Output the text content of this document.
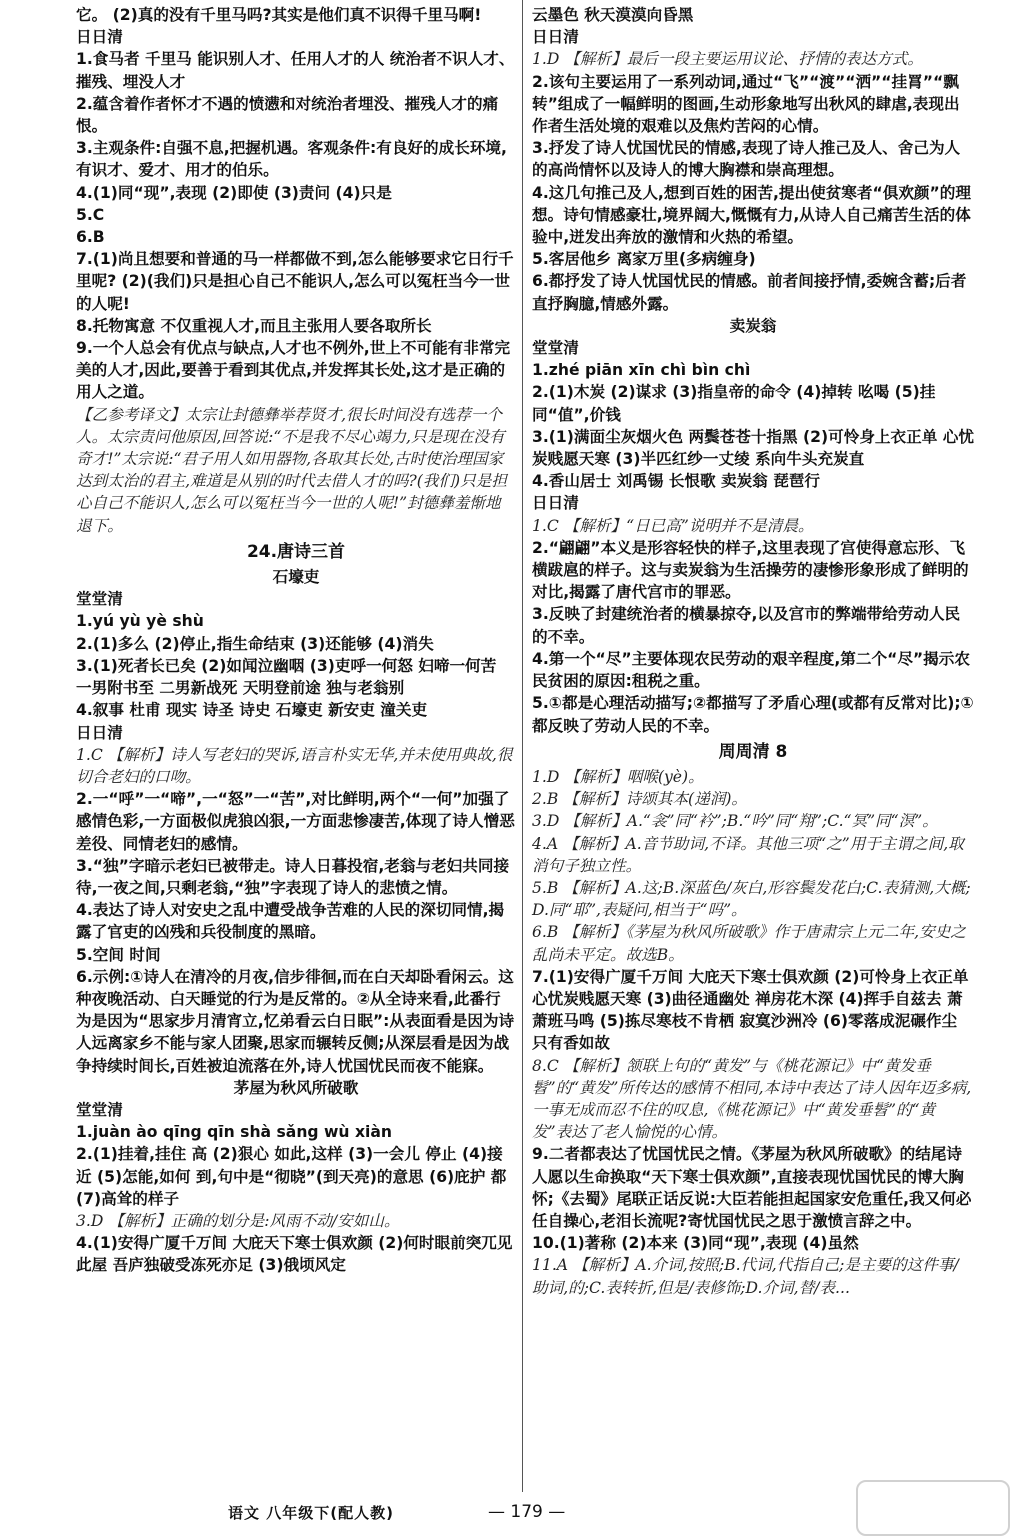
它。 (2)真的没有千里马吗?其实是他们真不识得千里马啊!

日日清

1.食马者 千里马 能识别人才、任用人才的人 统治者不识人才、摧残、埋没人才

2.蕴含着作者怀才不遇的愤懑和对统治者埋没、摧残人才的痛恨。

3.主观条件:自强不息,把握机遇。客观条件:有良好的成长环境,有识才、爱才、用才的伯乐。

4.(1)同“现”,表现 (2)即使 (3)责问 (4)只是

5.C

6.B

7.(1)尚且想要和普通的马一样都做不到,怎么能够要求它日行千里呢? (2)(我们)只是担心自己不能识人,怎么可以冤枉当今一世的人呢!

8.托物寓意 不仅重视人才,而且主张用人要各取所长

9.一个人总会有优点与缺点,人才也不例外,世上不可能有非常完美的人才,因此,要善于看到其优点,并发挥其长处,这才是正确的用人之道。

【乙参考译文】太宗让封德彝举荐贤才,很长时间没有选荐一个人。太宗责问他原因,回答说:“不是我不尽心竭力,只是现在没有奇才!”太宗说:“君子用人如用器物,各取其长处,古时使治理国家达到太治的君主,难道是从别的时代去借人才的吗?(我们)只是担心自己不能识人,怎么可以冤枉当今一世的人呢!”封德彝羞惭地退下。

24.唐诗三首

石壕吏

堂堂清

1.yú yù yè shù

2.(1)多么 (2)停止,指生命结束 (3)还能够 (4)消失

3.(1)死者长已矣 (2)如闻泣幽咽 (3)吏呼一何怒 妇啼一何苦 一男附书至 二男新战死 天明登前途 独与老翁别

4.叙事 杜甫 现实 诗圣 诗史 石壕吏 新安吏 潼关吏

日日清

1.C 【解析】诗人写老妇的哭诉,语言朴实无华,并未使用典故,很切合老妇的口吻。

2.一“呼”一“啼”,一“怒”一“苦”,对比鲜明,两个“一何”加强了感情色彩,一方面极似虎狼凶狠,一方面悲惨凄苦,体现了诗人憎恶差役、同情老妇的感情。

3.“独”字暗示老妇已被带走。诗人日暮投宿,老翁与老妇共同接待,一夜之间,只剩老翁,“独”字表现了诗人的悲愤之情。

4.表达了诗人对安史之乱中遭受战争苦难的人民的深切同情,揭露了官吏的凶残和兵役制度的黑暗。

5.空间 时间

6.示例:①诗人在清冷的月夜,信步徘徊,而在白天却卧看闲云。这种夜晚活动、白天睡觉的行为是反常的。②从全诗来看,此番行为是因为“思家步月清宵立,忆弟看云白日眠”:从表面看是因为诗人远离家乡不能与家人团聚,思家而辗转反侧;从深层看是因为战争持续时间长,百姓被迫流落在外,诗人忧国忧民而夜不能寐。

茅屋为秋风所破歌

堂堂清

1.juàn ào qīng qīn shà sǎng wù xiàn

2.(1)挂着,挂住 高 (2)狠心 如此,这样 (3)一会儿 停止 (4)接近 (5)怎能,如何 到,句中是“彻晓”(到天亮)的意思 (6)庇护 都 (7)高耸的样子

3.D 【解析】正确的划分是:风雨不动/安如山。

4.(1)安得广厦千万间 大庇天下寒士俱欢颜 (2)何时眼前突兀见此屋 吾庐独破受冻死亦足 (3)俄顷风定

云墨色 秋天漠漠向昏黑

日日清

1.D 【解析】最后一段主要运用议论、抒情的表达方式。

2.该句主要运用了一系列动词,通过“飞”“渡”“洒”“挂罥”“飘转”组成了一幅鲜明的图画,生动形象地写出秋风的肆虐,表现出作者生活处境的艰难以及焦灼苦闷的心情。

3.抒发了诗人忧国忧民的情感,表现了诗人推己及人、舍己为人的高尚情怀以及诗人的博大胸襟和崇高理想。

4.这几句推己及人,想到百姓的困苦,提出使贫寒者“俱欢颜”的理想。诗句情感豪壮,境界阔大,慨慨有力,从诗人自己痛苦生活的体验中,迸发出奔放的激情和火热的希望。

5.客居他乡 离家万里(多病缠身)

6.都抒发了诗人忧国忧民的情感。前者间接抒情,委婉含蓄;后者直抒胸臆,情感外露。

卖炭翁

堂堂清

1.zhé piān xīn chì bìn chì

2.(1)木炭 (2)谋求 (3)指皇帝的命令 (4)掉转 吆喝 (5)挂 同“值”,价钱

3.(1)满面尘灰烟火色 两鬓苍苍十指黑 (2)可怜身上衣正单 心忧炭贱愿天寒 (3)半匹红纱一丈绫 系向牛头充炭直

4.香山居士 刘禹锡 长恨歌 卖炭翁 琵琶行

日日清

1.C 【解析】“日已高”说明并不是清晨。

2.“翩翩”本义是形容轻快的样子,这里表现了宫使得意忘形、飞横跋扈的样子。这与卖炭翁为生活操劳的凄惨形象形成了鲜明的对比,揭露了唐代宫市的罪恶。

3.反映了封建统治者的横暴掠夺,以及宫市的弊端带给劳动人民的不幸。

4.第一个“尽”主要体现农民劳动的艰辛程度,第二个“尽”揭示农民贫困的原因:租税之重。

5.①都是心理活动描写;②都描写了矛盾心理(或都有反常对比);①都反映了劳动人民的不幸。

周周清 8

1.D 【解析】咽喉(yè)。

2.B 【解析】诗颂其本(递润)。

3.D 【解析】A.“衾”同“衿”;B.“吟”同“翔”;C.“冥”同“溟”。

4.A 【解析】A.音节助词,不译。其他三项“之”用于主谓之间,取消句子独立性。

5.B 【解析】A.这;B.深蓝色/灰白,形容鬓发花白;C.表猜测,大概;D.同“耶”,表疑问,相当于“吗”。

6.B 【解析】《茅屋为秋风所破歌》作于唐肃宗上元二年,安史之乱尚未平定。故选B。

7.(1)安得广厦千万间 大庇天下寒士俱欢颜 (2)可怜身上衣正单 心忧炭贱愿天寒 (3)曲径通幽处 禅房花木深 (4)挥手自兹去 萧萧班马鸣 (5)拣尽寒枝不肯栖 寂寞沙洲冷 (6)零落成泥碾作尘 只有香如故

8.C 【解析】颔联上句的“黄发”与《桃花源记》中“黄发垂髫”的“黄发”所传达的感情不相同,本诗中表达了诗人因年迈多病,一事无成而忍不住的叹息,《桃花源记》中“黄发垂髫”的“黄发”表达了老人愉悦的心情。

9.二者都表达了忧国忧民之情。《茅屋为秋风所破歌》的结尾诗人愿以生命换取“天下寒士俱欢颜”,直接表现忧国忧民的博大胸怀;《去蜀》尾联正话反说:大臣若能担起国家安危重任,我又何必任自操心,老泪长流呢?寄忧国忧民之思于激愤言辞之中。

10.(1)著称 (2)本来 (3)同“现”,表现 (4)虽然

11.A 【解析】A.介词,按照;B.代词,代指自己;是主要的这件事/助词,的;C.表转折,但是/表修饰;D.介词,替/表...

语文 八年级下(配人教)	— 179 —
